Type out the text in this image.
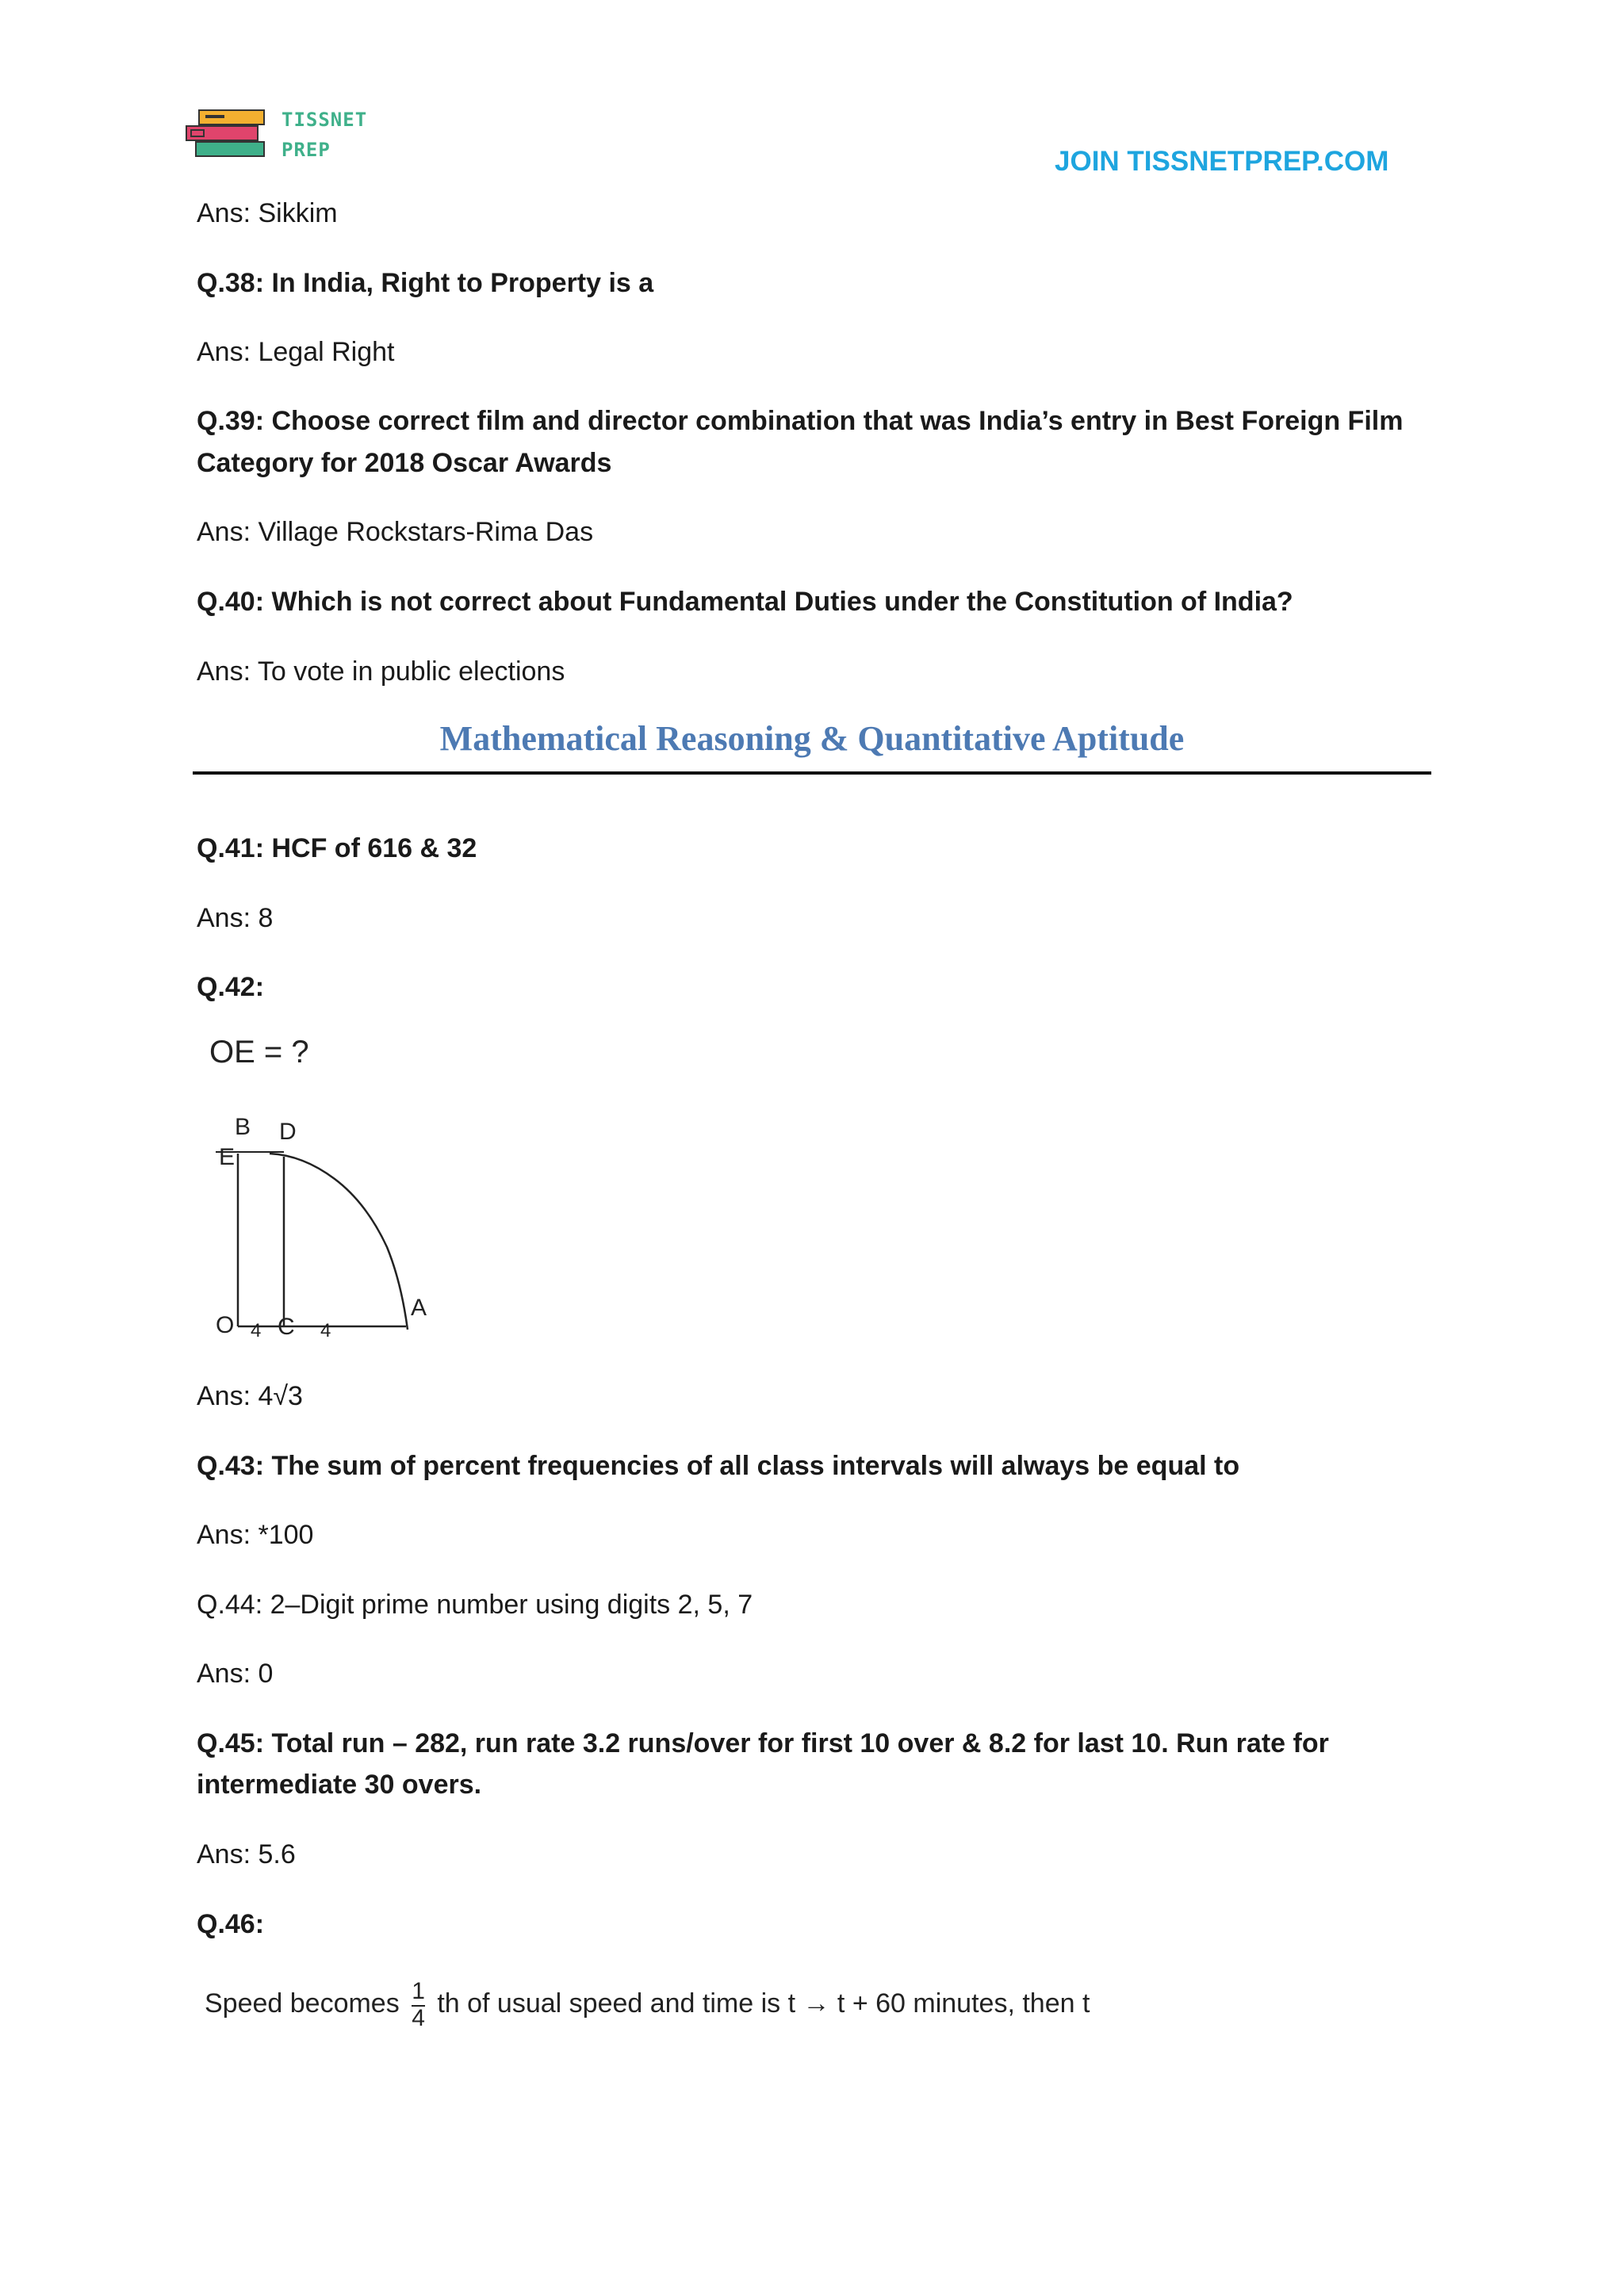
TISSNET
PREP	JOIN TISSNETPREP.COM
Ans: Sikkim
Q.38: In India, Right to Property is a
Ans: Legal Right
Q.39: Choose correct film and director combination that was India’s entry in Best Foreign Film
Category for 2018 Oscar Awards
Ans: Village Rockstars-Rima Das
Q.40: Which is not correct about Fundamental Duties under the Constitution of India?
Ans: To vote in public elections
Mathematical Reasoning & Quantitative Aptitude
Q.41: HCF of 616 & 32
Ans: 8
Q.42:
OE = ?
B D
E
O 4 C 4
A
Ans: 4√3
Q.43: The sum of percent frequencies of all class intervals will always be equal to
Ans: *100
Q.44: 2–Digit prime number using digits 2, 5, 7
Ans: 0
Q.45: Total run – 282, run rate 3.2 runs/over for first 10 over & 8.2 for last 10. Run rate for
intermediate 30 overs.
Ans: 5.6
Q.46:
Speed becomes $\frac{1}{4}$ th of usual speed and time is t → t + 60 minutes, then t
